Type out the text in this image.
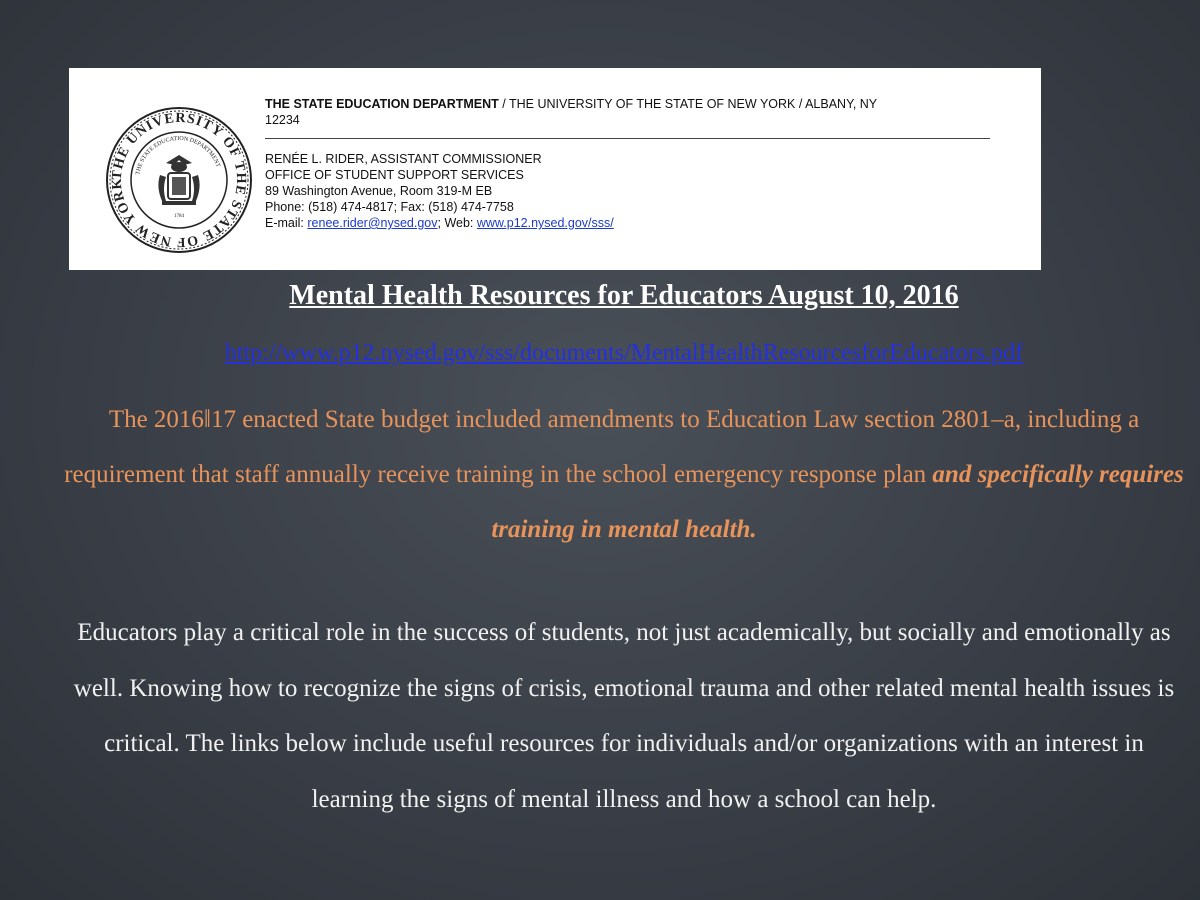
THE UNIVERSITY OF THE STATE OF NEW YORK
THE STATE EDUCATION DEPARTMENT
1784
THE STATE EDUCATION DEPARTMENT / THE UNIVERSITY OF THE STATE OF NEW YORK / ALBANY, NY
12234
RENÉE L. RIDER, ASSISTANT COMMISSIONER
OFFICE OF STUDENT SUPPORT SERVICES
89 Washington Avenue, Room 319-M EB
Phone: (518) 474-4817; Fax: (518) 474-7758
E-mail: renee.rider@nysed.gov; Web: www.p12.nysed.gov/sss/
Mental Health Resources for Educators August 10, 2016
http://www.p12.nysed.gov/sss/documents/MentalHealthResourcesforEducators.pdf
The 2016‖17 enacted State budget included amendments to Education Law section 2801–a, including a requirement that staff annually receive training in the school emergency response plan and specifically requires training in mental health.
Educators play a critical role in the success of students, not just academically, but socially and emotionally as well. Knowing how to recognize the signs of crisis, emotional trauma and other related mental health issues is critical. The links below include useful resources for individuals and/or organizations with an interest in learning the signs of mental illness and how a school can help.
